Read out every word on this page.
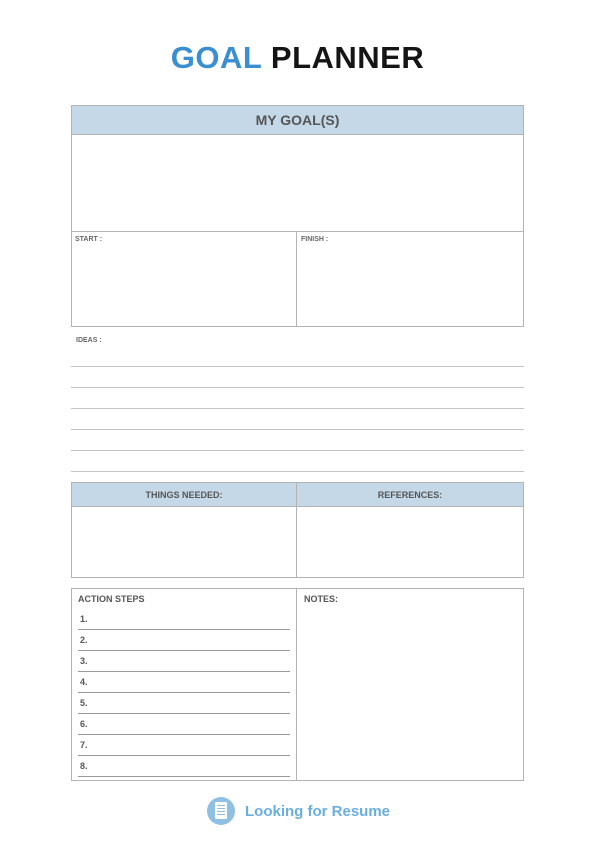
GOAL PLANNER
MY GOAL(S)
START :	FINISH :
IDEAS :
THINGS NEEDED:	REFERENCES:
ACTION STEPS	NOTES:
1.
2.
3.
4.
5.
6.
7.
8.
Looking for Resume
